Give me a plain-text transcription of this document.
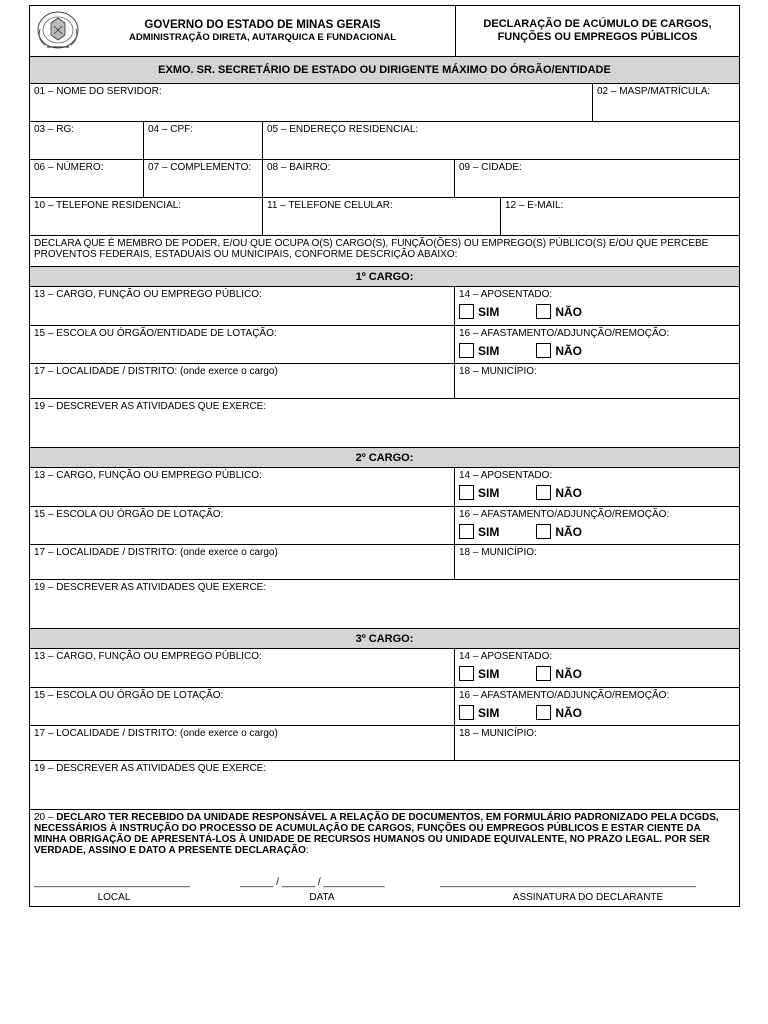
GOVERNO DO ESTADO DE MINAS GERAIS
ADMINISTRAÇÃO DIRETA, AUTARQUICA E FUNDACIONAL
DECLARAÇÃO DE ACÚMULO DE CARGOS,
FUNÇÕES OU EMPREGOS PÚBLICOS
EXMO. SR. SECRETÁRIO DE ESTADO OU DIRIGENTE MÁXIMO DO ÓRGÃO/ENTIDADE
01 – NOME DO SERVIDOR:	02 – MASP/MATRÍCULA:
03 – RG:	04 – CPF:	05 – ENDEREÇO RESIDENCIAL:
06 – NÚMERO:	07 – COMPLEMENTO:	08 – BAIRRO:	09 – CIDADE:
10 – TELEFONE RESIDENCIAL:	11 – TELEFONE CELULAR:	12 – E-MAIL:
DECLARA QUE É MEMBRO DE PODER, E/OU QUE OCUPA O(S) CARGO(S), FUNÇÃO(ÕES) OU EMPREGO(S) PÚBLICO(S) E/OU QUE PERCEBE PROVENTOS FEDERAIS, ESTADUAIS OU MUNICIPAIS, CONFORME DESCRIÇÃO ABAIXO:
1º CARGO:
13 – CARGO, FUNÇÃO OU EMPREGO PÚBLICO:	14 – APOSENTADO:
SIM	NÃO
15 – ESCOLA OU ÓRGÃO/ENTIDADE DE LOTAÇÃO:	16 – AFASTAMENTO/ADJUNÇÃO/REMOÇÃO:
SIM	NÃO
17 – LOCALIDADE / DISTRITO: (onde exerce o cargo)	18 – MUNICÍPIO:
19 – DESCREVER AS ATIVIDADES QUE EXERCE:
2º CARGO:
13 – CARGO, FUNÇÃO OU EMPREGO PÚBLICO:	14 – APOSENTADO:
SIM	NÃO
15 – ESCOLA OU ÓRGÃO DE LOTAÇÃO:	16 – AFASTAMENTO/ADJUNÇÃO/REMOÇÃO:
SIM	NÃO
17 – LOCALIDADE / DISTRITO: (onde exerce o cargo)	18 – MUNICÍPIO:
19 – DESCREVER AS ATIVIDADES QUE EXERCE:
3º CARGO:
13 – CARGO, FUNÇÃO OU EMPREGO PÚBLICO:	14 – APOSENTADO:
SIM	NÃO
15 – ESCOLA OU ÓRGÃO DE LOTAÇÃO:	16 – AFASTAMENTO/ADJUNÇÃO/REMOÇÃO:
SIM	NÃO
17 – LOCALIDADE / DISTRITO: (onde exerce o cargo)	18 – MUNICÍPIO:
19 – DESCREVER AS ATIVIDADES QUE EXERCE:
20 – DECLARO TER RECEBIDO DA UNIDADE RESPONSÁVEL A RELAÇÃO DE DOCUMENTOS, EM FORMULÁRIO PADRONIZADO PELA DCGDS, NECESSÁRIOS À INSTRUÇÃO DO PROCESSO DE ACUMULAÇÃO DE CARGOS, FUNÇÕES OU EMPREGOS PÚBLICOS E ESTAR CIENTE DA MINHA OBRIGAÇÃO DE APRESENTÁ-LOS À UNIDADE DE RECURSOS HUMANOS OU UNIDADE EQUIVALENTE, NO PRAZO LEGAL. POR SER VERDADE, ASSINO E DATO A PRESENTE DECLARAÇÃO:
____________________________	______ / ______ / ___________	______________________________________________
LOCAL	DATA	ASSINATURA DO DECLARANTE
